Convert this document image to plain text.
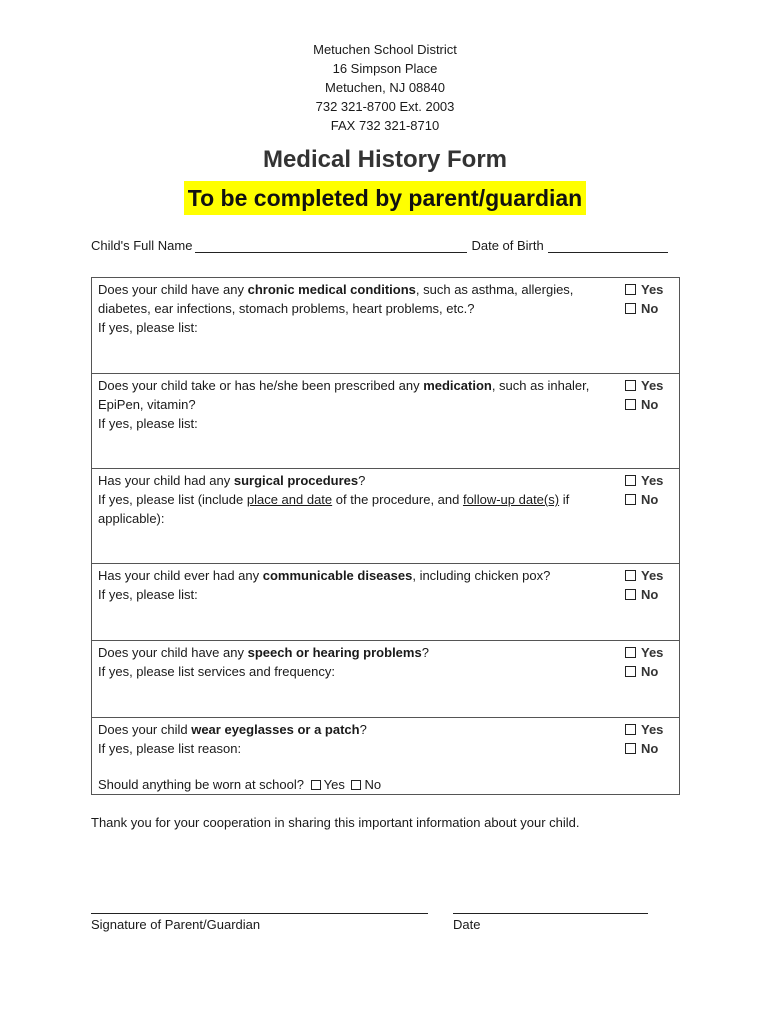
Metuchen School District
16 Simpson Place
Metuchen, NJ 08840
732 321-8700 Ext. 2003
FAX 732 321-8710
Medical History Form
To be completed by parent/guardian
Child's Full Name	Date of Birth
Does your child have any chronic medical conditions, such as asthma, allergies, diabetes, ear infections, stomach problems, heart problems, etc.?
If yes, please list:
Yes
No
Does your child take or has he/she been prescribed any medication, such as inhaler, EpiPen, vitamin?
If yes, please list:
Yes
No
Has your child had any surgical procedures?
If yes, please list (include place and date of the procedure, and follow-up date(s) if applicable):
Yes
No
Has your child ever had any communicable diseases, including chicken pox?
If yes, please list:
Yes
No
Does your child have any speech or hearing problems?
If yes, please list services and frequency:
Yes
No
Does your child wear eyeglasses or a patch?
If yes, please list reason:
Should anything be worn at school? Yes No
Yes
No
Thank you for your cooperation in sharing this important information about your child.
Signature of Parent/Guardian	Date
